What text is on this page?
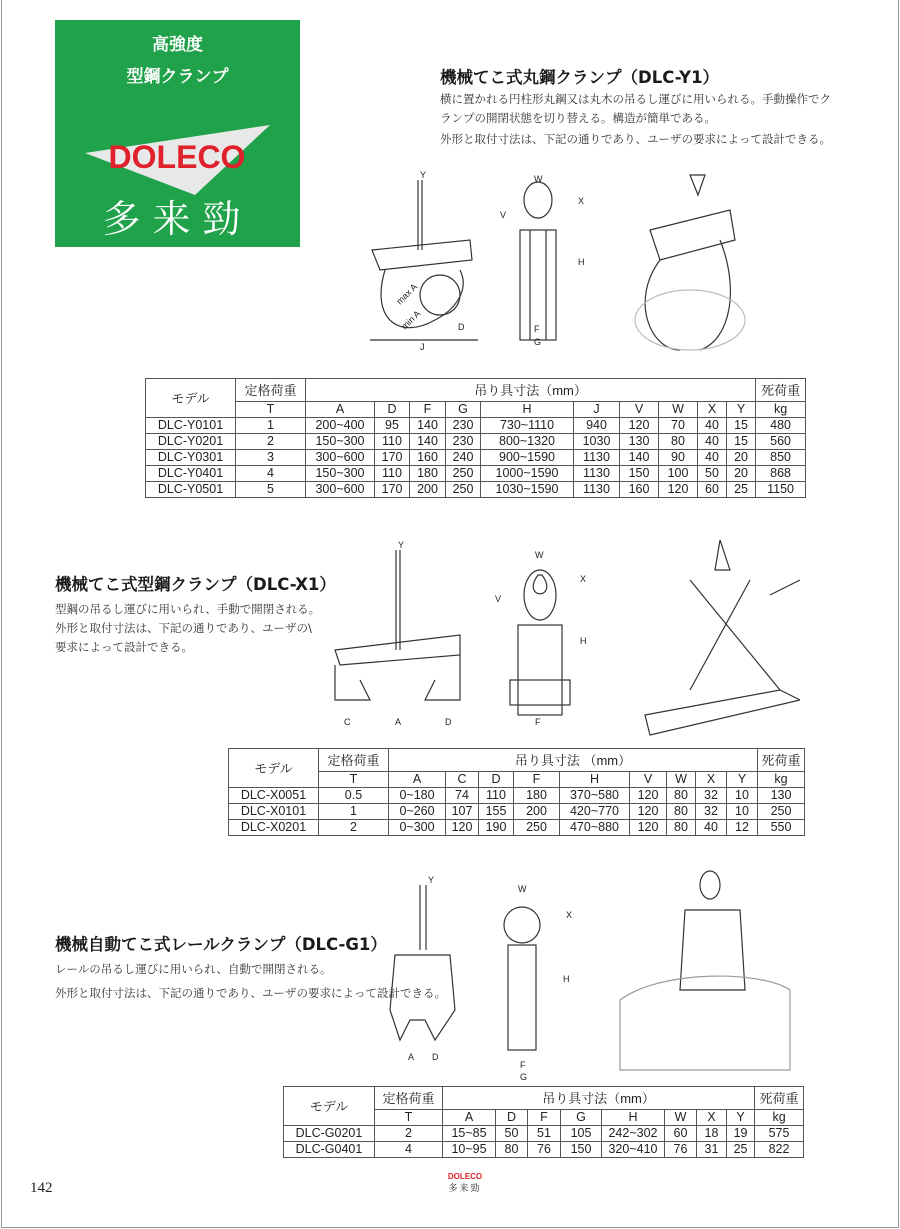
高強度
型鋼クランプ
DOLECO
多来勁
機械てこ式丸鋼クランプ（DLC-Y1）
横に置かれる円柱形丸鋼又は丸木の吊るし運びに用いられる。手動操作でク
ランプの開閉状態を切り替える。構造が簡単である。
外形と取付寸法は、下記の通りであり、ユーザの要求によって設計できる。
Y
max A
min A	D
J
W
X
V
H
F
G
モデル	定格荷重	吊り具寸法（mm）										死荷重
	T	A	D	F	G	H	J	V	W	X	Y	kg
DLC-Y0101	1	200~400	95	140	230	730~1110	940	120	70	40	15	480
DLC-Y0201	2	150~300	110	140	230	800~1320	1030	130	80	40	15	560
DLC-Y0301	3	300~600	170	160	240	900~1590	1130	140	90	40	20	850
DLC-Y0401	4	150~300	110	180	250	1000~1590	1130	150	100	50	20	868
DLC-Y0501	5	300~600	170	200	250	1030~1590	1130	160	120	60	25	1150
機械てこ式型鋼クランプ（DLC-X1）
型鋼の吊るし運びに用いられ、手動で開閉される。
外形と取付寸法は、下記の通りであり、ユーザの\
要求によって設計できる。
Y
C	A	D
W
X
V
H
F
モデル	定格荷重	吊り具寸法 （mm）									死荷重
	T	A	C	D	F	H	V	W	X	Y	kg
DLC-X0051	0.5	0~180	74	110	180	370~580	120	80	32	10	130
DLC-X0101	1	0~260	107	155	200	420~770	120	80	32	10	250
DLC-X0201	2	0~300	120	190	250	470~880	120	80	40	12	550
機械自動てこ式レールクランプ（DLC-G1）
レールの吊るし運びに用いられ、自動で開閉される。
外形と取付寸法は、下記の通りであり、ユーザの要求によって設計できる。
Y
A D
W
X
H
F
G
モデル	定格荷重	吊り具寸法（mm）								死荷重
	T	A	D	F	G	H	W	X	Y	kg
DLC-G0201	2	15~85	50	51	105	242~302	60	18	19	575
DLC-G0401	4	10~95	80	76	150	320~410	76	31	25	822
142
DOLECO
多来勁
